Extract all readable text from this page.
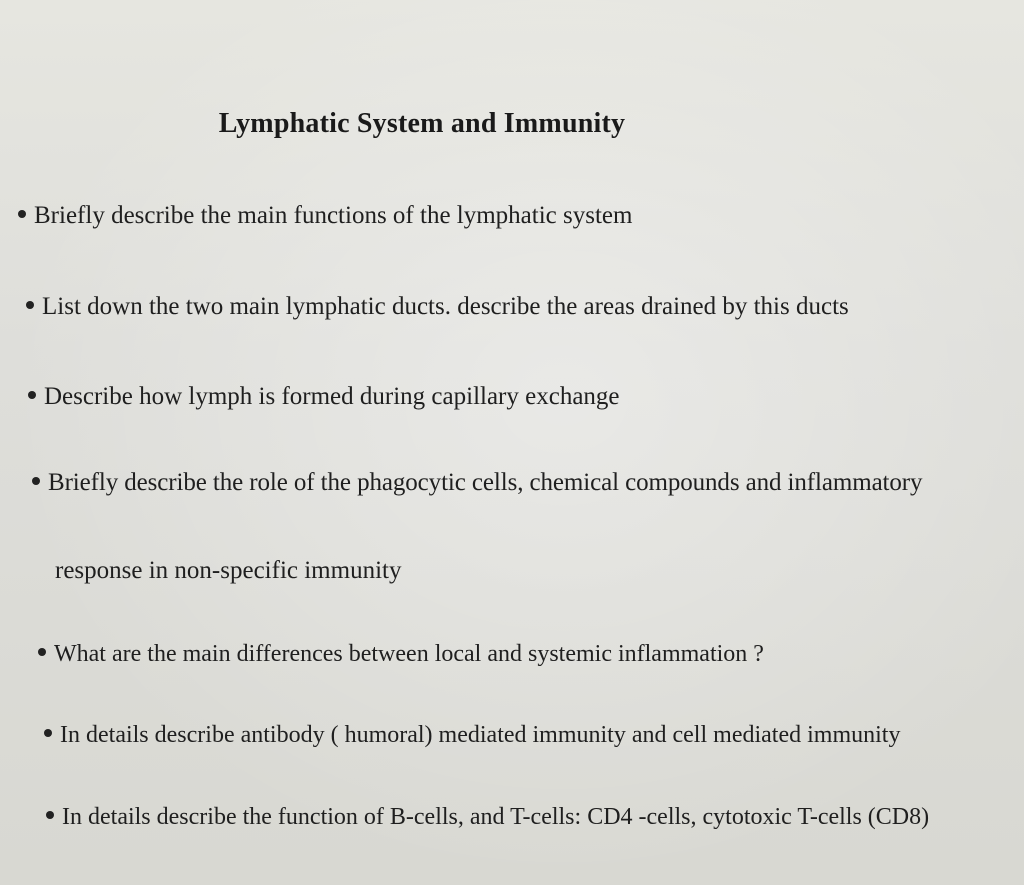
Lymphatic System and Immunity
Briefly describe the main functions of the lymphatic system
List down the two main lymphatic ducts. describe the areas drained by this ducts
Describe how lymph is formed during capillary exchange
Briefly describe the role of the phagocytic cells, chemical compounds and inflammatory
response in non-specific immunity
What are the main differences between local and systemic inflammation ?
In details describe antibody ( humoral) mediated immunity and cell mediated immunity
In details describe the function of B-cells, and T-cells: CD4 -cells, cytotoxic T-cells (CD8)
